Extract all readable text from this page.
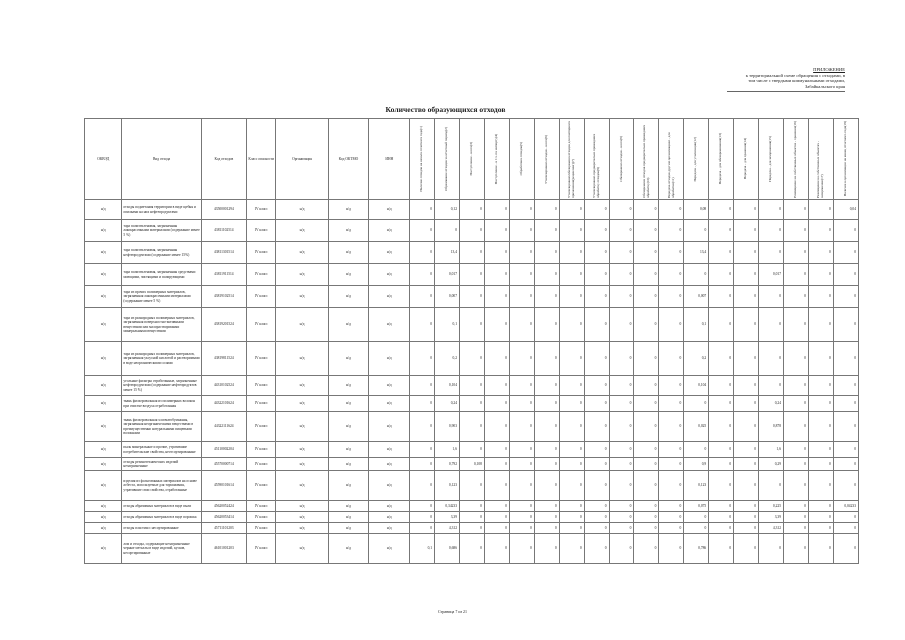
ПРИЛОЖЕНИЕ
к территориальной схеме обращения с отходами, в
том числе с твердыми коммунальными отходами,
Забайкальского края
Количество образующихся отходов
ОКВЭД	Вид отхода	Код отходов	Класс опасности	Организация	Код ОКТМО	ИНН	Наличие отходов на начало отчетного года(1)	Образование отходов за отчетный период(2)	Поступление - всего(3)	Поступление - в т.ч. по импорту(4)	Обработано отходов(5)	Утилизировано отходов - всего(6)	Утилизировано/обезврежено отходов для повторного применения(рециклинг)(7)	Утилизировано предварительно прошедших обработку отходов(8)	Обезврежено отходов - всего(9)	Обезврежено отходов предварительно прошедших обработку(10)	Передача отходов другим организациям - для обработки(11)	Передача - для утилизации(12)	Передача - для обезвреживания(13)	Передача - для хранения(14)	Передача - для захоронения(15)	Размещение на собственных объектах - хранение(16)	Размещение на собственных объектах - захоронение(17)	Наличие в организации на конец отчетного года(18)

н/д	отходы подметания территории в виде щебня и опилками на них нефтепродуктами	43500001294	IV класс	н/д	н/д	н/д	0	0,12	0	0	0	0	0	0	0	0	0	0,08	0	0	0	0	0	0,04
н/д	тара полиэтиленовая, загрязненная лакокрасочными материалами (содержание менее 5 %)	43811102514	IV класс	н/д	н/д	н/д	0	0	0	0	0	0	0	0	0	0	0	0	0	0	0	0	0	0
н/д	тара полиэтиленовая, загрязненная нефтепродуктами (содержание менее 15%)	43811301514	IV класс	н/д	н/д	н/д	0	13,4	0	0	0	0	0	0	0	0	0	13,4	0	0	0	0	0	0
н/д	тара полиэтиленовая, загрязненная средствами моющими, чистящими и полирующими	43811911514	IV класс	н/д	н/д	н/д	0	0,017	0	0	0	0	0	0	0	0	0	0	0	0	0,017	0	0	0
н/д	тара из прочих полимерных материалов, загрязненная лакокрасочными материалами (содержание менее 5 %)	43819102514	IV класс	н/д	н/д	н/д	0	0,007	0	0	0	0	0	0	0	0	0	0,007	0	0	0	0	0	0
н/д	тара из разнородных полимерных материалов, загрязненная поверхностно-активными веществами или малорастворимыми минеральными веществами	43819201524	IV класс	н/д	н/д	н/д	0	0,1	0	0	0	0	0	0	0	0	0	0,1	0	0	0	0	0	0
н/д	тара из разнородных полимерных материалов, загрязненная уксусной кислотой и растворимыми в воде неорганическими солями	43819811524	IV класс	н/д	н/д	н/д	0	0,2	0	0	0	0	0	0	0	0	0	0,2	0	0	0	0	0	0
н/д	угольные фильтры отработанные, загрязненные нефтепродуктами (содержание нефтепродуктов менее 15 %)	44310102524	IV класс	н/д	н/д	н/д	0	0,104	0	0	0	0	0	0	0	0	0	0,104	0	0	0	0	0	0
н/д	ткань фильтровальная из полимерных волокон при очистке воздуха отработанная	44322101624	IV класс	н/д	н/д	н/д	0	0,24	0	0	0	0	0	0	0	0	0	0	0	0	0,24	0	0	0
н/д	ткань фильтровальная хлопчатобумажная, загрязненная неорганическими веществами в преимущественно натуральными пищевыми волокнами	44322111624	IV класс	н/д	н/д	н/д	0	0,903	0	0	0	0	0	0	0	0	0	0,025	0	0	0,878	0	0	0
н/д	пыль минеральные и прочие, утратившие потребительские свойства, неотсортированные	45110002204	IV класс	н/д	н/д	н/д	0	1,6	0	0	0	0	0	0	0	0	0	0	0	0	1,6	0	0	0
н/д	отходы резинотехнических изделий незагрязненные	45570000714	IV класс	н/д	н/д	н/д	0	0,792	0,108	0	0	0	0	0	0	0	0	0,9	0	0	0,29	0	0	0
н/д	изделия из фольгованных материалов на основе асбеста, используемые для торможения, утратившие свои свойства, отработанные	45590101614	IV класс	н/д	н/д	н/д	0	0,123	0	0	0	0	0	0	0	0	0	0,123	0	0	0	0	0	0
н/д	отходы абразивных материалов в виде пыли	45620052424	IV класс	н/д	н/д	н/д	0	0,34233	0	0	0	0	0	0	0	0	0	0,075	0	0	0,225	0	0	0,04233
н/д	отходы абразивных материалов в виде порошка	45620053414	IV класс	н/д	н/д	н/д	0	3,39	0	0	0	0	0	0	0	0	0	0	0	0	3,39	0	0	0
н/д	отходы пластмасс несортированные	45711101203	IV класс	н/д	н/д	н/д	0	4,312	0	0	0	0	0	0	0	0	0	0	0	0	4,312	0	0	0
н/д	лом и отходы, содержащие незагрязненные черные металлы в виде изделий, кусков, несортированные	46101001203	IV класс	н/д	н/д	н/д	0,1	0,686	0	0	0	0	0	0	0	0	0	0,786	0	0	0	0	0	0
Страница 7 из 21
